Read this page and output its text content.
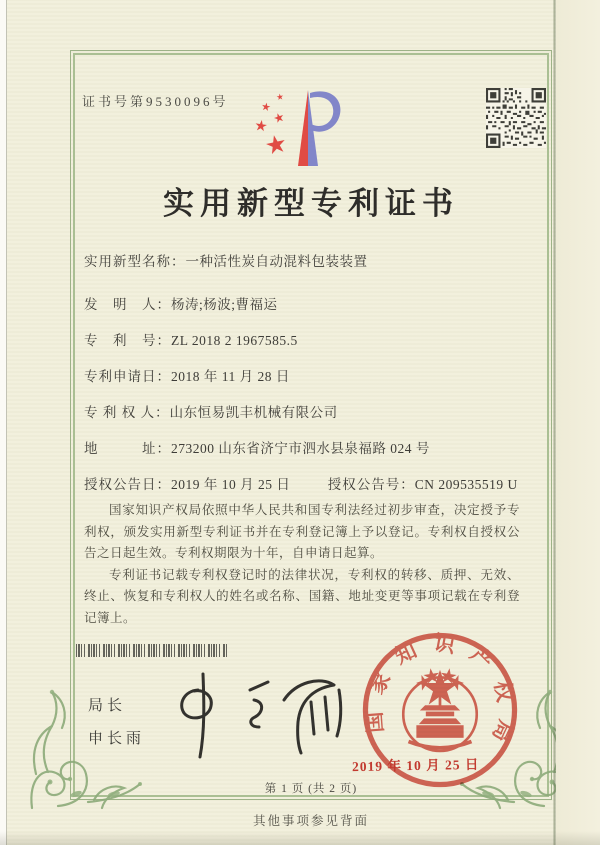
证书号第9530096号
实用新型专利证书
实用新型名称：一种活性炭自动混料包装装置
发　明　人：杨涛;杨波;曹福运
专　利　号：ZL 2018 2 1967585.5
专利申请日：2018 年 11 月 28 日
专 利 权 人：山东恒易凯丰机械有限公司
地　　　址：273200 山东省济宁市泗水县泉福路 024 号
授权公告日：2019 年 10 月 25 日	授权公告号：CN 209535519 U

国家知识产权局依照中华人民共和国专利法经过初步审查，决定授予专利权，颁发实用新型专利证书并在专利登记簿上予以登记。专利权自授权公告之日起生效。专利权期限为十年，自申请日起算。

专利证书记载专利权登记时的法律状况，专利权的转移、质押、无效、终止、恢复和专利权人的姓名或名称、国籍、地址变更等事项记载在专利登记簿上。

局长
申长雨
国家知识产权局
2019 年 10 月 25 日
第 1 页 (共 2 页)
其他事项参见背面
